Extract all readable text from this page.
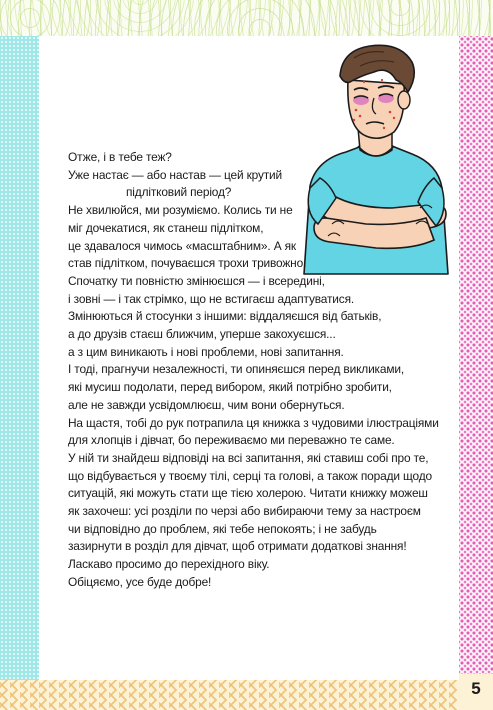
5
Отже, і в тебе теж?
Уже настає — або настав — цей крутий
підлітковий період?
Не хвилюйся, ми розуміємо. Колись ти не
міг дочекатися, як станеш підлітком,
це здавалося чимось «масштабним». А як
став підлітком, почуваєшся трохи тривожно.
Спочатку ти повністю змінюєшся — і всередині,
і зовні — і так стрімко, що не встигаєш адаптуватися.
Змінюються й стосунки з іншими: віддаляєшся від батьків,
а до друзів стаєш ближчим, уперше закохуєшся...
а з цим виникають і нові проблеми, нові запитання.
І тоді, прагнучи незалежності, ти опиняєшся перед викликами,
які мусиш подолати, перед вибором, який потрібно зробити,
але не завжди усвідомлюєш, чим вони обернуться.
На щастя, тобі до рук потрапила ця книжка з чудовими ілюстраціями
для хлопців і дівчат, бо переживаємо ми переважно те саме.
У ній ти знайдеш відповіді на всі запитання, які ставиш собі про те,
що відбувається у твоєму тілі, серці та голові, а також поради щодо
ситуацій, які можуть стати ще тією холерою. Читати книжку можеш
як захочеш: усі розділи по черзі або вибираючи тему за настроєм
чи відповідно до проблем, які тебе непокоять; і не забудь
зазирнути в розділ для дівчат, щоб отримати додаткові знання!
Ласкаво просимо до перехідного віку.
Обіцяємо, усе буде добре!
